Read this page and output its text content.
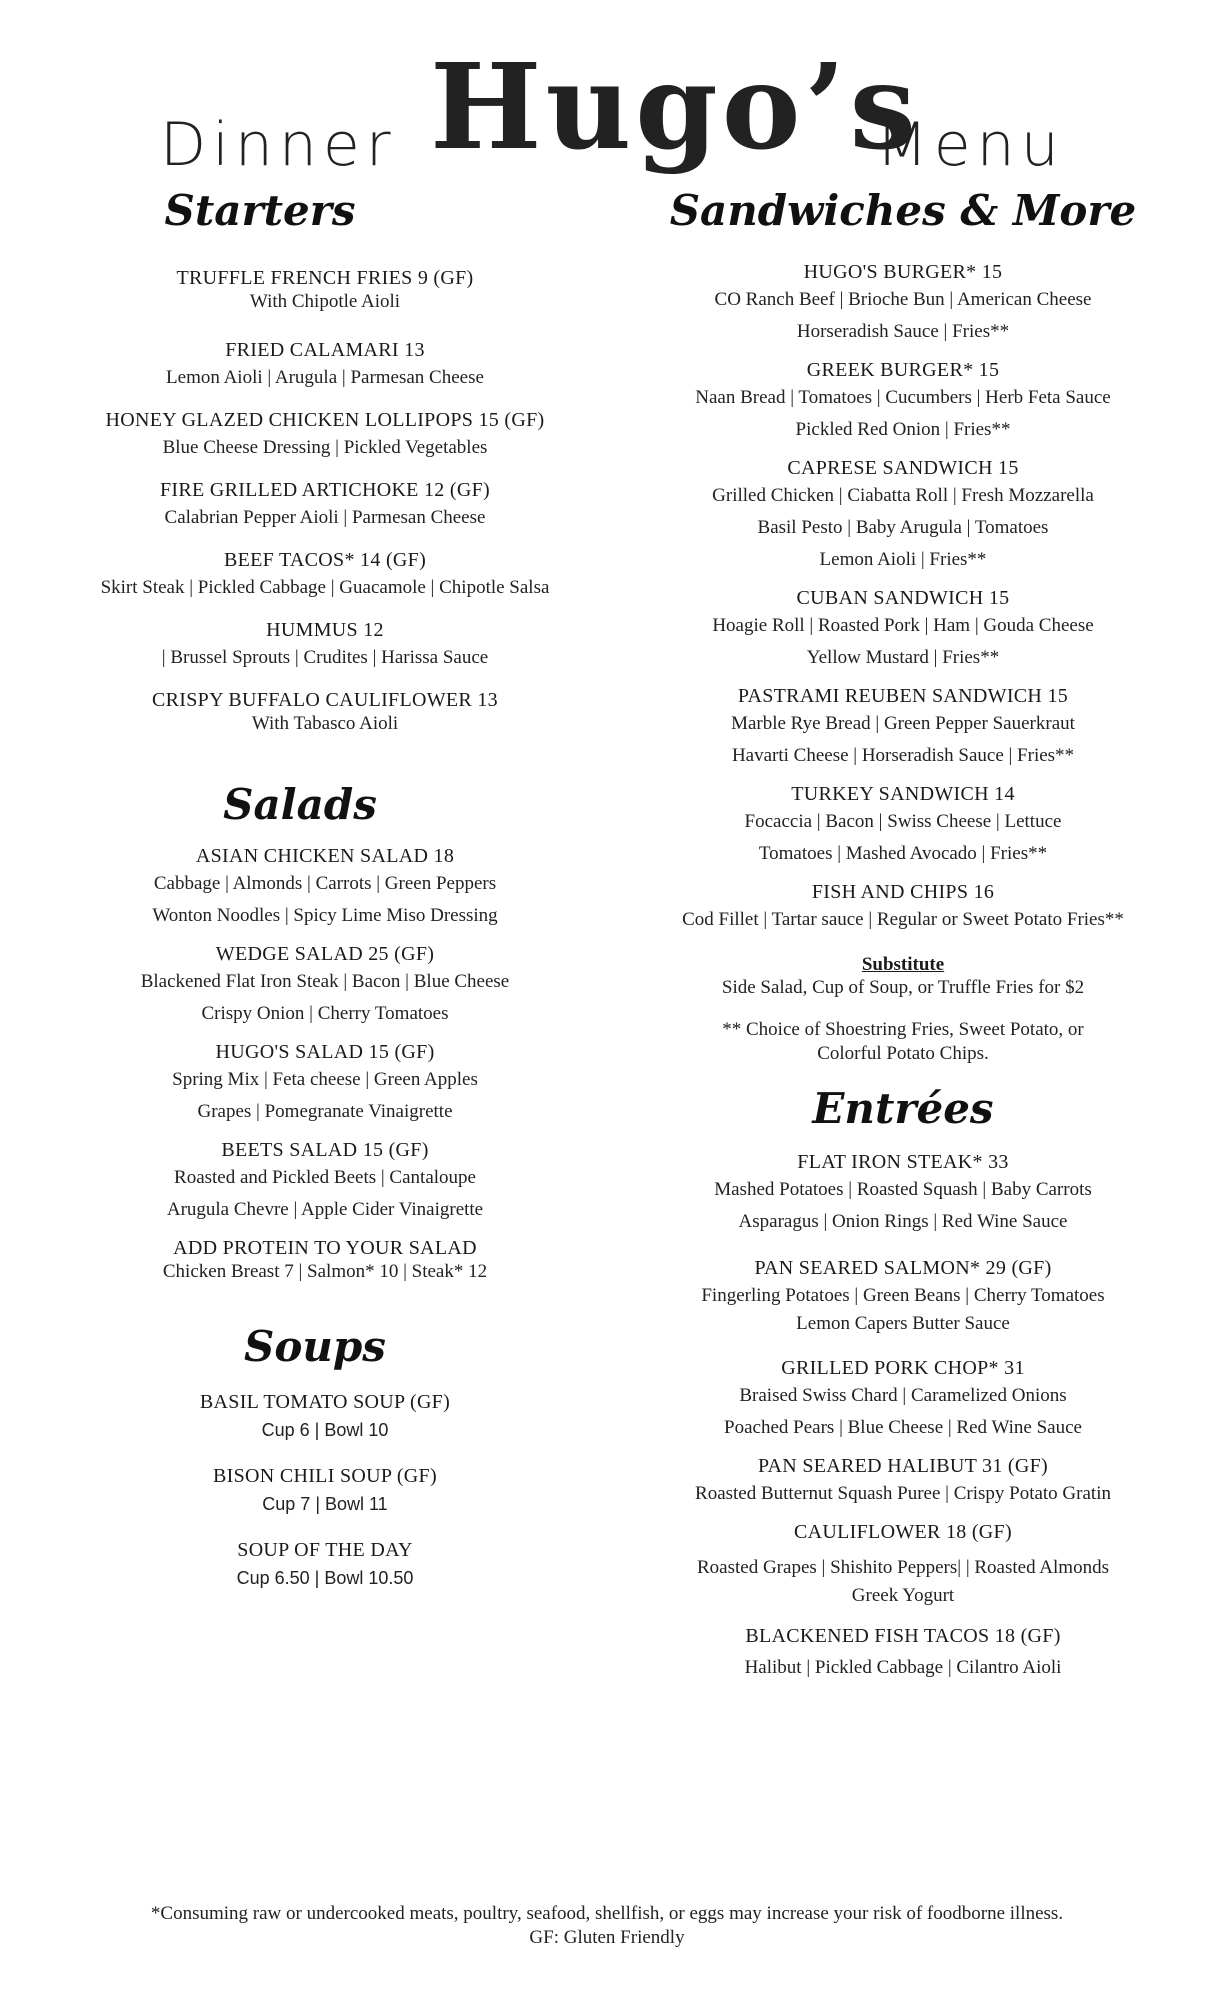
Dinner Hugo’s
Menu
Starters
TRUFFLE FRENCH FRIES 9 (GF)
With Chipotle Aioli
FRIED CALAMARI 13
Lemon Aioli | Arugula | Parmesan Cheese
HONEY GLAZED CHICKEN LOLLIPOPS 15 (GF)
Blue Cheese Dressing | Pickled Vegetables
FIRE GRILLED ARTICHOKE 12 (GF)
Calabrian Pepper Aioli | Parmesan Cheese
BEEF TACOS* 14 (GF)
Skirt Steak | Pickled Cabbage | Guacamole | Chipotle Salsa
HUMMUS 12
| Brussel Sprouts | Crudites | Harissa Sauce
CRISPY BUFFALO CAULIFLOWER 13
With Tabasco Aioli
Salads
ASIAN CHICKEN SALAD 18
Cabbage | Almonds | Carrots | Green Peppers
Wonton Noodles | Spicy Lime Miso Dressing
WEDGE SALAD 25 (GF)
Blackened Flat Iron Steak | Bacon | Blue Cheese
Crispy Onion | Cherry Tomatoes
HUGO'S SALAD 15 (GF)
Spring Mix | Feta cheese | Green Apples
Grapes | Pomegranate Vinaigrette
BEETS SALAD 15 (GF)
Roasted and Pickled Beets | Cantaloupe
Arugula Chevre | Apple Cider Vinaigrette
ADD PROTEIN TO YOUR SALAD
Chicken Breast 7 | Salmon* 10 | Steak* 12
Soups
BASIL TOMATO SOUP (GF)
Cup 6 | Bowl 10
BISON CHILI SOUP (GF)
Cup 7 | Bowl 11
SOUP OF THE DAY
Cup 6.50 | Bowl 10.50
Sandwiches & More
HUGO'S BURGER* 15
CO Ranch Beef | Brioche Bun | American Cheese
Horseradish Sauce | Fries**
GREEK BURGER* 15
Naan Bread | Tomatoes | Cucumbers | Herb Feta Sauce
Pickled Red Onion | Fries**
CAPRESE SANDWICH 15
Grilled Chicken | Ciabatta Roll | Fresh Mozzarella
Basil Pesto | Baby Arugula | Tomatoes
Lemon Aioli | Fries**
CUBAN SANDWICH 15
Hoagie Roll | Roasted Pork | Ham | Gouda Cheese
Yellow Mustard | Fries**
PASTRAMI REUBEN SANDWICH 15
Marble Rye Bread | Green Pepper Sauerkraut
Havarti Cheese | Horseradish Sauce | Fries**
TURKEY SANDWICH 14
Focaccia | Bacon | Swiss Cheese | Lettuce
Tomatoes | Mashed Avocado | Fries**
FISH AND CHIPS 16
Cod Fillet | Tartar sauce | Regular or Sweet Potato Fries**
Substitute
Side Salad, Cup of Soup, or Truffle Fries for $2
** Choice of Shoestring Fries, Sweet Potato, or
Colorful Potato Chips.
Entrées
FLAT IRON STEAK* 33
Mashed Potatoes | Roasted Squash | Baby Carrots
Asparagus | Onion Rings | Red Wine Sauce
PAN SEARED SALMON* 29 (GF)
Fingerling Potatoes | Green Beans | Cherry Tomatoes
Lemon Capers Butter Sauce
GRILLED PORK CHOP* 31
Braised Swiss Chard | Caramelized Onions
Poached Pears | Blue Cheese | Red Wine Sauce
PAN SEARED HALIBUT 31 (GF)
Roasted Butternut Squash Puree | Crispy Potato Gratin
CAULIFLOWER 18 (GF)
Roasted Grapes | Shishito Peppers| | Roasted Almonds
Greek Yogurt
BLACKENED FISH TACOS 18 (GF)
Halibut | Pickled Cabbage | Cilantro Aioli
*Consuming raw or undercooked meats, poultry, seafood, shellfish, or eggs may increase your risk of foodborne illness.
GF: Gluten Friendly
